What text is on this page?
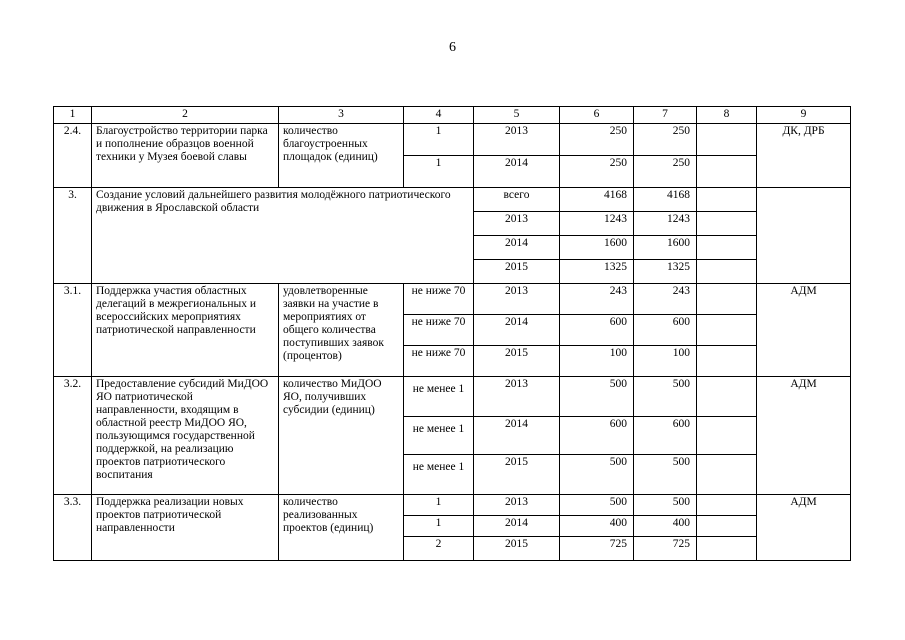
6
1	2	3	4	5	6	7	8	9
2.4.	Благоустройство территории парка и пополнение образцов военной техники у Музея боевой славы	количество благоустроенных площадок (единиц)	1	2013	250	250		ДК, ДРБ
			1	2014	250	250		
3.	Создание условий дальнейшего развития молодёжного патриотического движения в Ярославской области			всего	4168	4168		
				2013	1243	1243		
				2014	1600	1600		
				2015	1325	1325		
3.1.	Поддержка участия областных делегаций в межрегиональных и всероссийских мероприятиях патриотической направленности	удовлетворенные заявки на участие в мероприятиях от общего количества поступивших заявок (процентов)	не ниже 70	2013	243	243		АДМ
			не ниже 70	2014	600	600		
			не ниже 70	2015	100	100		
3.2.	Предоставление субсидий МиДОО ЯО патриотической направленности, входящим в областной реестр МиДОО ЯО, пользующимся государственной поддержкой, на реализацию проектов патриотического воспитания	количество МиДОО ЯО, получивших субсидии (единиц)	не менее 1	2013	500	500		АДМ
			не менее 1	2014	600	600		
			не менее 1	2015	500	500		
3.3.	Поддержка реализации новых проектов патриотической направленности	количество реализованных проектов (единиц)	1	2013	500	500		АДМ
			1	2014	400	400		
			2	2015	725	725		
